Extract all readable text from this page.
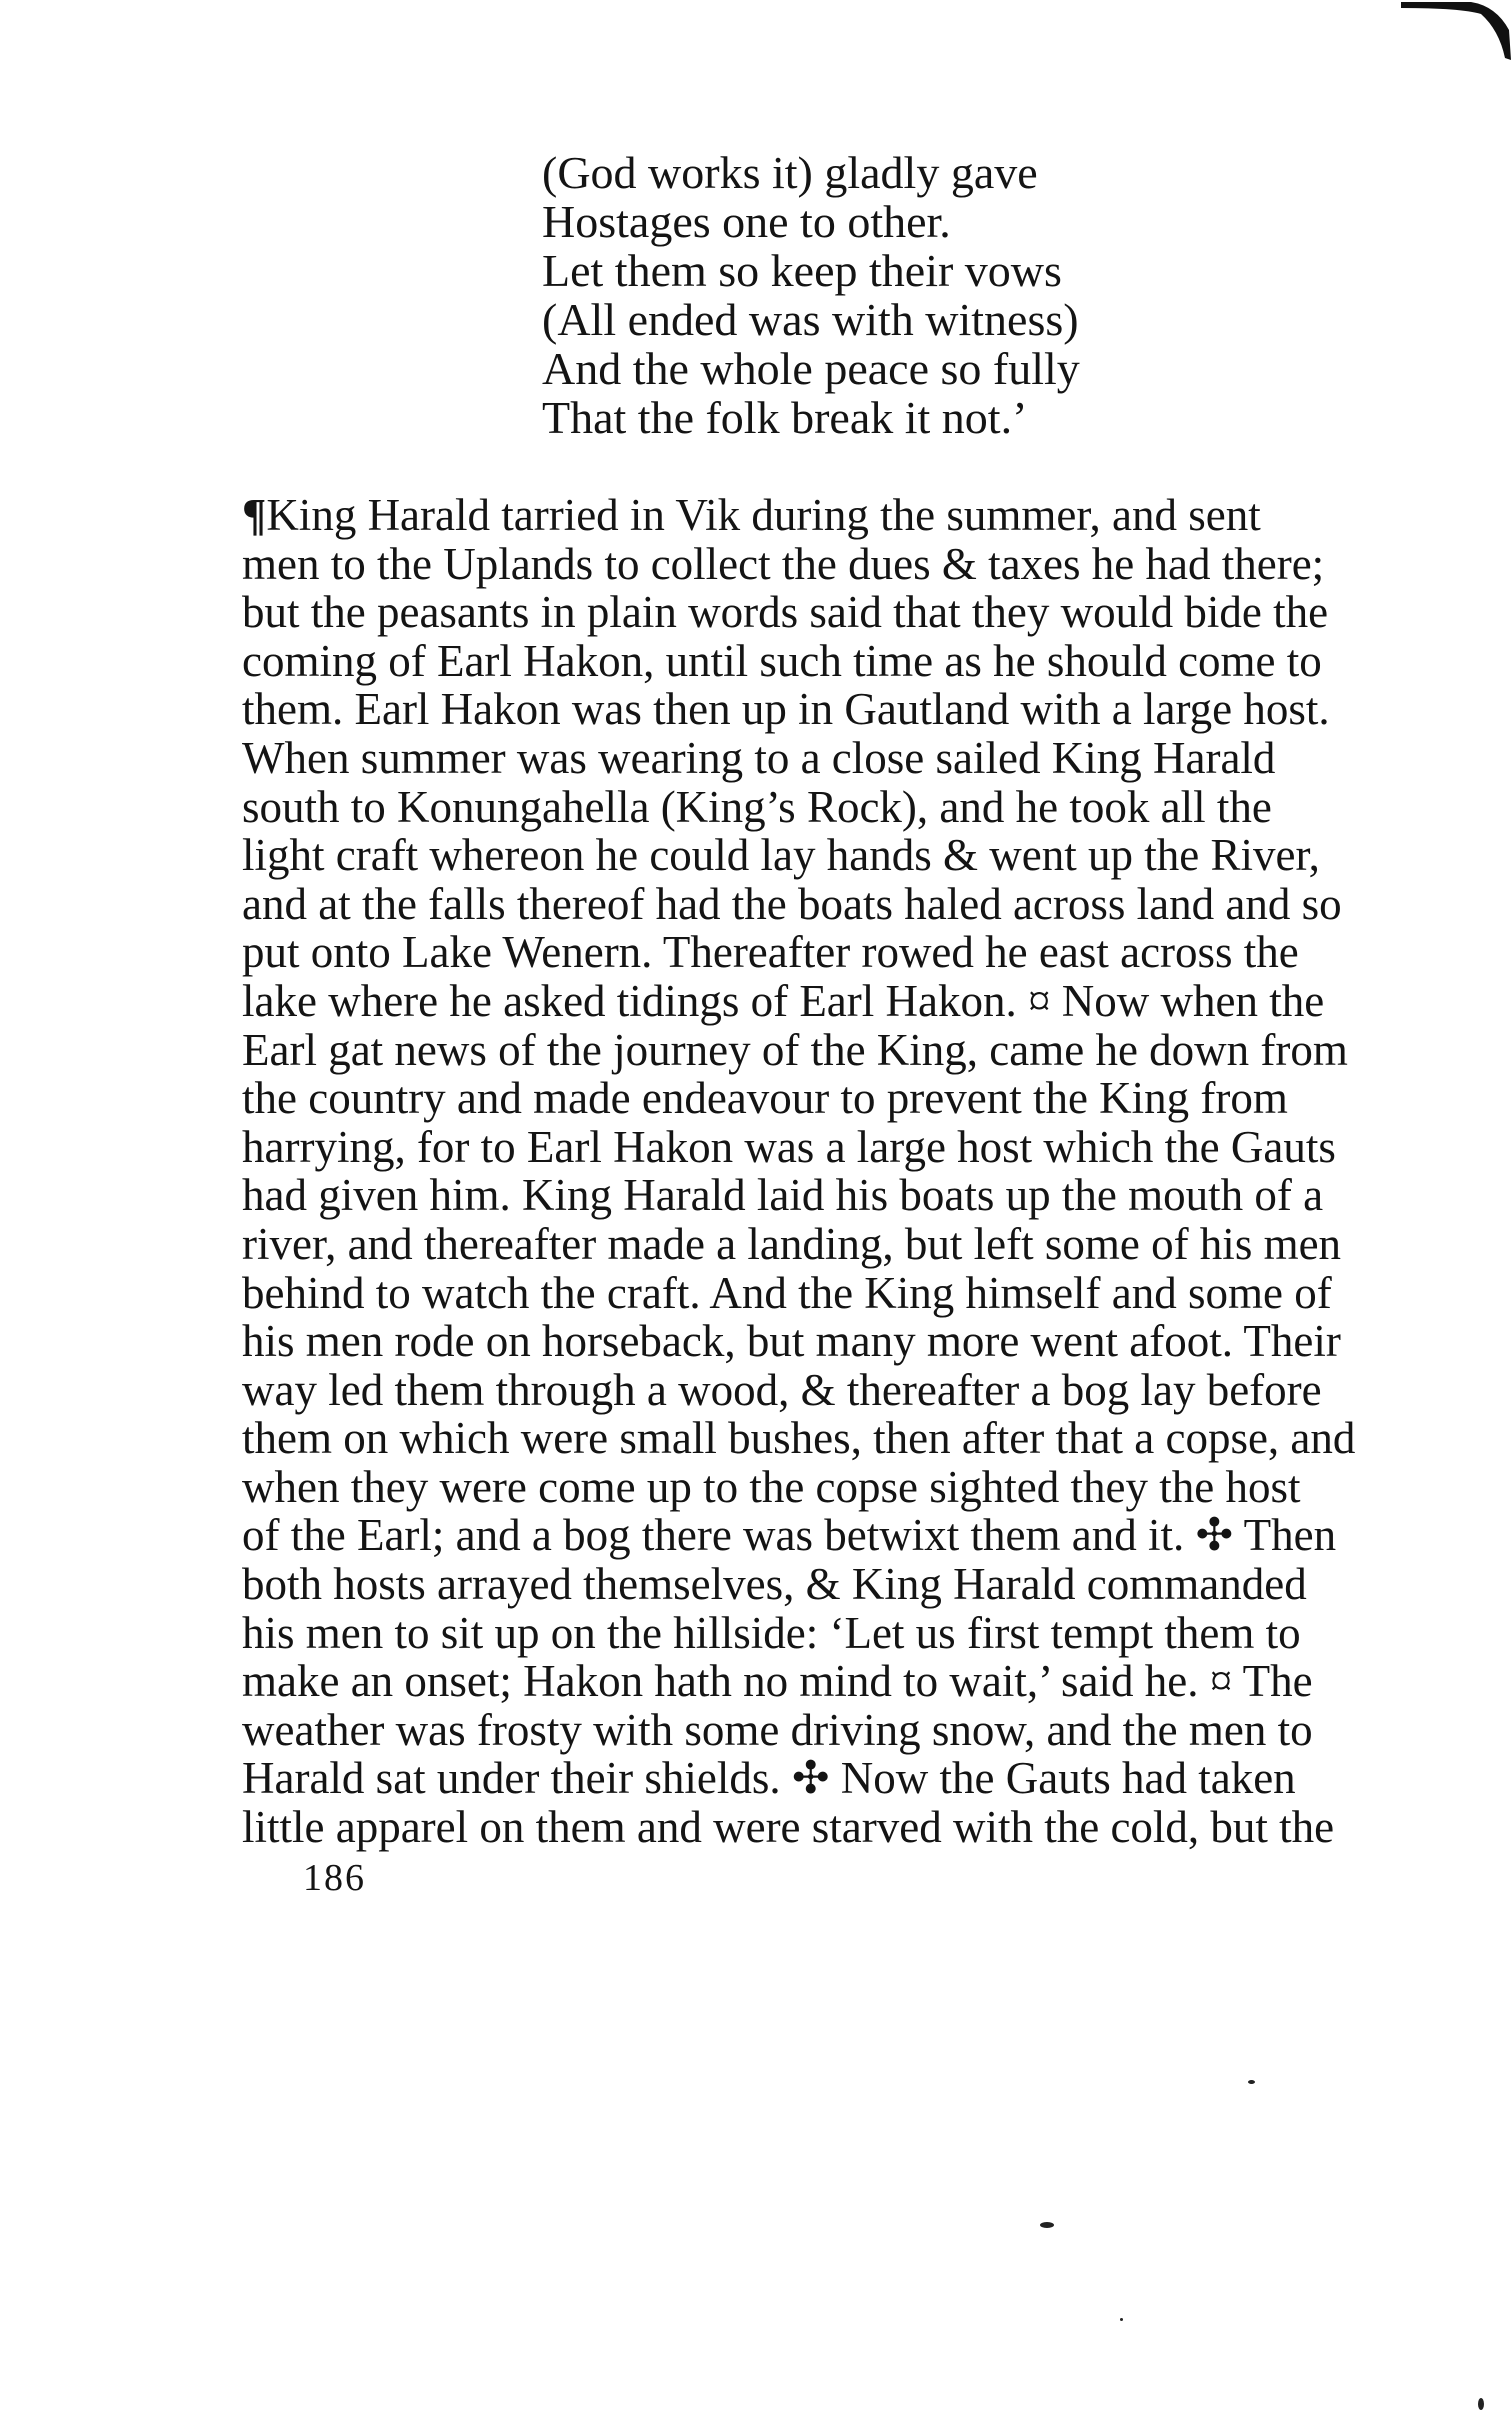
(God works it) gladly gave
Hostages one to other.
Let them so keep their vows
(All ended was with witness)
And the whole peace so fully
That the folk break it not.’
¶King Harald tarried in Vik during the summer, and sent
men to the Uplands to collect the dues & taxes he had there;
but the peasants in plain words said that they would bide the
coming of Earl Hakon, until such time as he should come to
them. Earl Hakon was then up in Gautland with a large host.
When summer was wearing to a close sailed King Harald
south to Konungahella (King’s Rock), and he took all the
light craft whereon he could lay hands & went up the River,
and at the falls thereof had the boats haled across land and so
put onto Lake Wenern. Thereafter rowed he east across the
lake where he asked tidings of Earl Hakon. ¤ Now when the
Earl gat news of the journey of the King, came he down from
the country and made endeavour to prevent the King from
harrying, for to Earl Hakon was a large host which the Gauts
had given him. King Harald laid his boats up the mouth of a
river, and thereafter made a landing, but left some of his men
behind to watch the craft. And the King himself and some of
his men rode on horseback, but many more went afoot. Their
way led them through a wood, & thereafter a bog lay before
them on which were small bushes, then after that a copse, and
when they were come up to the copse sighted they the host
of the Earl; and a bog there was betwixt them and it. ✣ Then
both hosts arrayed themselves, & King Harald commanded
his men to sit up on the hillside: ‘Let us first tempt them to
make an onset; Hakon hath no mind to wait,’ said he. ¤ The
weather was frosty with some driving snow, and the men to
Harald sat under their shields. ✣ Now the Gauts had taken
little apparel on them and were starved with the cold, but the
186
